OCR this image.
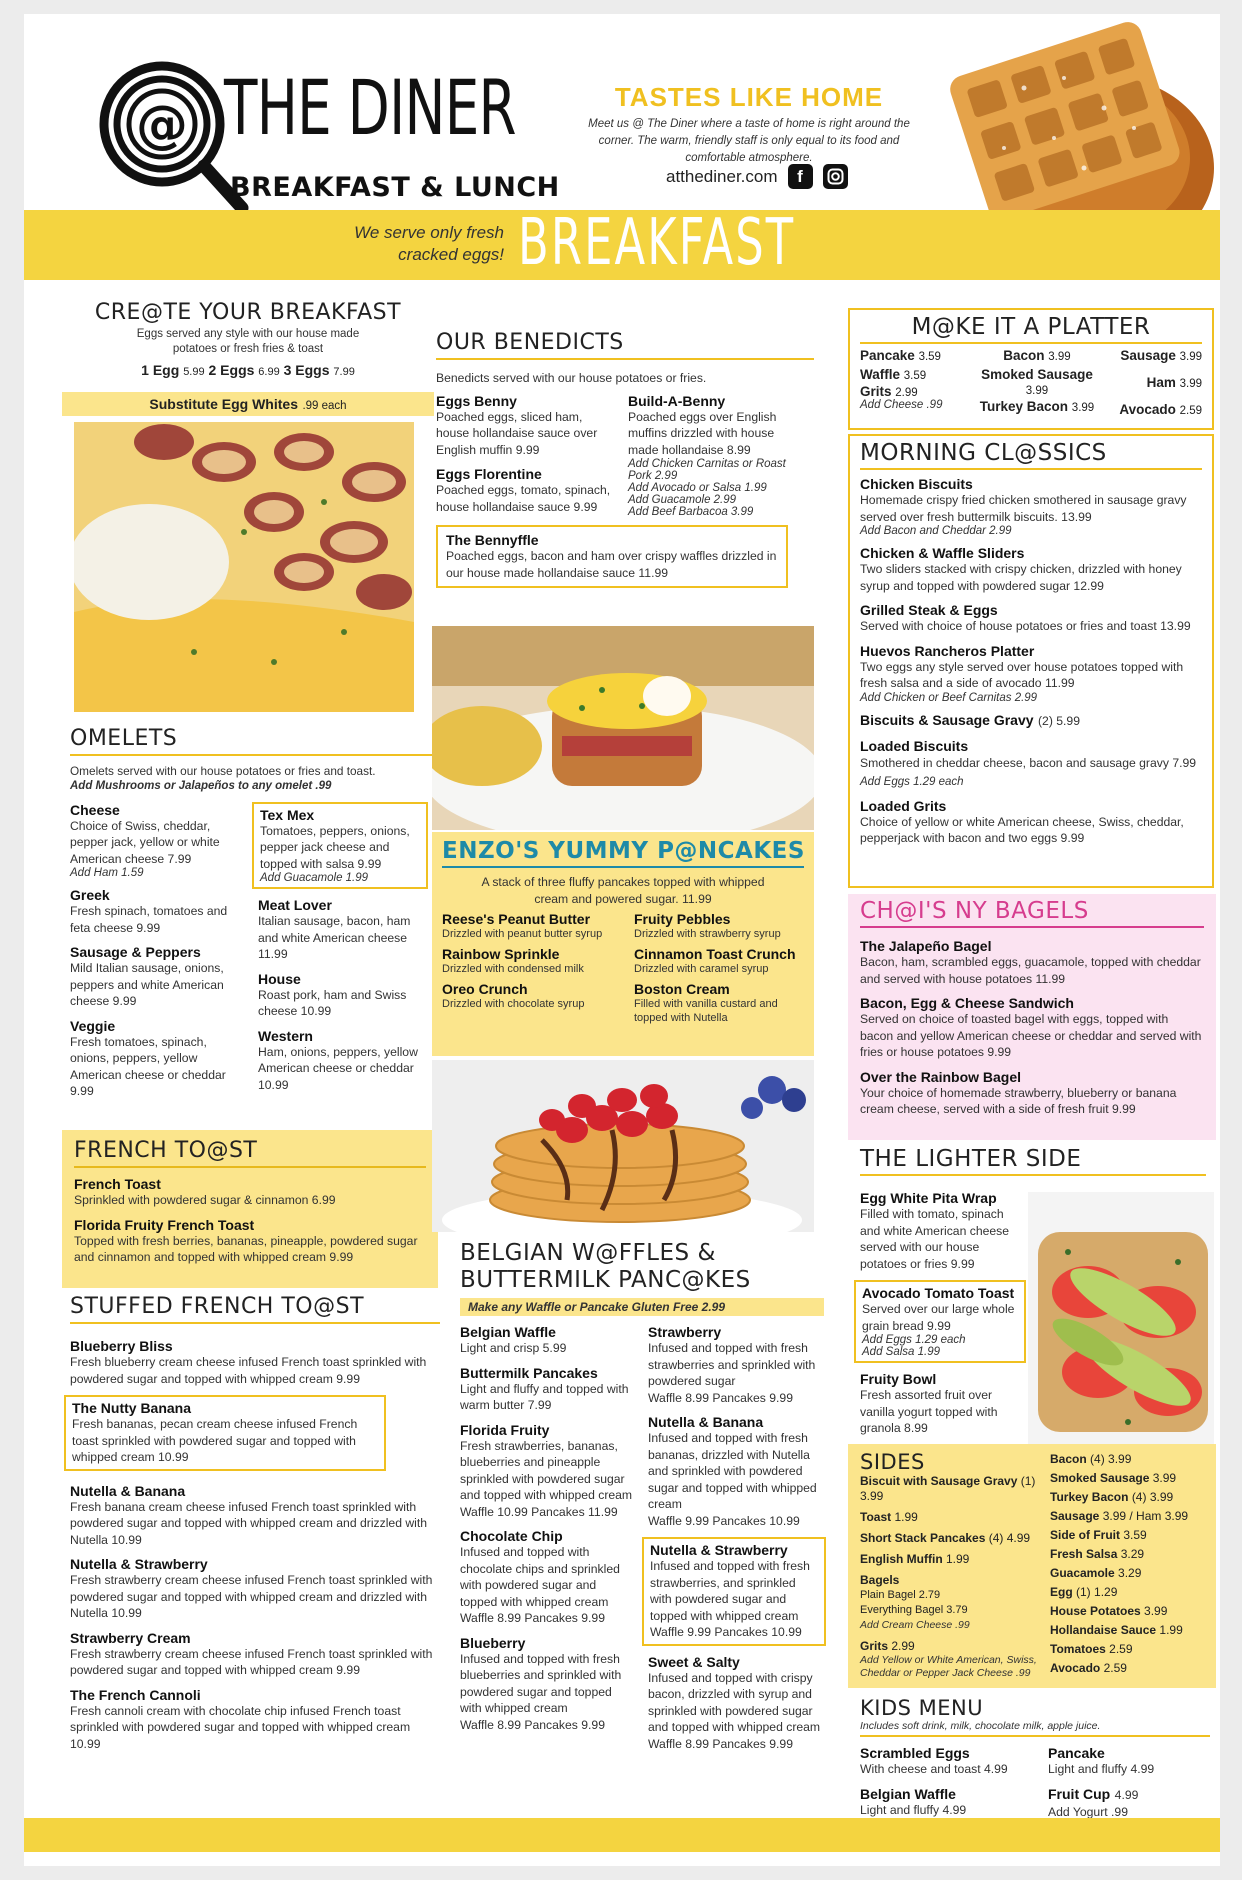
@ THE DINER
BREAKFAST & LUNCH
TASTES LIKE HOME

Meet us @ The Diner where a taste of home is right around the corner. The warm, friendly staff is only equal to its food and comfortable atmosphere.

atthediner.com	f
We serve only fresh cracked eggs! BREAKFAST
CRE@TE YOUR BREAKFAST
Eggs served any style with our house made potatoes or fresh fries & toast
1 Egg 5.99 2 Eggs 6.99 3 Eggs 7.99
Substitute Egg Whites .99 each
OMELETS
Omelets served with our house potatoes or fries and toast.
Add Mushrooms or Jalapeños to any omelet .99
Cheese
Choice of Swiss, cheddar, pepper jack, yellow or white American cheese 7.99
Add Ham 1.59
Greek
Fresh spinach, tomatoes and feta cheese 9.99
Sausage & Peppers
Mild Italian sausage, onions, peppers and white American cheese 9.99
Veggie
Fresh tomatoes, spinach, onions, peppers, yellow American cheese or cheddar 9.99
Tex Mex
Tomatoes, peppers, onions, pepper jack cheese and topped with salsa 9.99
Add Guacamole 1.99
Meat Lover
Italian sausage, bacon, ham and white American cheese 11.99
House
Roast pork, ham and Swiss cheese 10.99
Western
Ham, onions, peppers, yellow American cheese or cheddar 10.99
FRENCH TO@ST
French Toast
Sprinkled with powdered sugar & cinnamon 6.99
Florida Fruity French Toast
Topped with fresh berries, bananas, pineapple, powdered sugar and cinnamon and topped with whipped cream 9.99
STUFFED FRENCH TO@ST
Blueberry Bliss
Fresh blueberry cream cheese infused French toast sprinkled with powdered sugar and topped with whipped cream 9.99
The Nutty Banana
Fresh bananas, pecan cream cheese infused French toast sprinkled with powdered sugar and topped with whipped cream 10.99
Nutella & Banana
Fresh banana cream cheese infused French toast sprinkled with powdered sugar and topped with whipped cream and drizzled with Nutella 10.99
Nutella & Strawberry
Fresh strawberry cream cheese infused French toast sprinkled with powdered sugar and topped with whipped cream and drizzled with Nutella 10.99
Strawberry Cream
Fresh strawberry cream cheese infused French toast sprinkled with powdered sugar and topped with whipped cream 9.99
The French Cannoli
Fresh cannoli cream with chocolate chip infused French toast sprinkled with powdered sugar and topped with whipped cream 10.99
OUR BENEDICTS
Benedicts served with our house potatoes or fries.
Eggs Benny
Poached eggs, sliced ham, house hollandaise sauce over English muffin 9.99
Eggs Florentine
Poached eggs, tomato, spinach, house hollandaise sauce 9.99
Build-A-Benny
Poached eggs over English muffins drizzled with house made hollandaise 8.99
Add Chicken Carnitas or Roast Pork 2.99
Add Avocado or Salsa 1.99
Add Guacamole 2.99
Add Beef Barbacoa 3.99
The Bennyffle
Poached eggs, bacon and ham over crispy waffles drizzled in our house made hollandaise sauce 11.99
ENZO'S YUMMY P@NCAKES
A stack of three fluffy pancakes topped with whipped cream and powered sugar. 11.99
Reese's Peanut Butter
Drizzled with peanut butter syrup
Fruity Pebbles
Drizzled with strawberry syrup
Rainbow Sprinkle
Drizzled with condensed milk
Cinnamon Toast Crunch
Drizzled with caramel syrup
Oreo Crunch
Drizzled with chocolate syrup
Boston Cream
Filled with vanilla custard and topped with Nutella
BELGIAN W@FFLES &
BUTTERMILK PANC@KES
Make any Waffle or Pancake Gluten Free 2.99
Belgian Waffle
Light and crisp 5.99
Buttermilk Pancakes
Light and fluffy and topped with warm butter 7.99
Florida Fruity
Fresh strawberries, bananas, blueberries and pineapple sprinkled with powdered sugar and topped with whipped cream
Waffle 10.99 Pancakes 11.99
Chocolate Chip
Infused and topped with chocolate chips and sprinkled with powdered sugar and topped with whipped cream
Waffle 8.99 Pancakes 9.99
Blueberry
Infused and topped with fresh blueberries and sprinkled with powdered sugar and topped with whipped cream
Waffle 8.99 Pancakes 9.99
Strawberry
Infused and topped with fresh strawberries and sprinkled with powdered sugar
Waffle 8.99 Pancakes 9.99
Nutella & Banana
Infused and topped with fresh bananas, drizzled with Nutella and sprinkled with powdered sugar and topped with whipped cream
Waffle 9.99 Pancakes 10.99
Nutella & Strawberry
Infused and topped with fresh strawberries, and sprinkled with powdered sugar and topped with whipped cream
Waffle 9.99 Pancakes 10.99
Sweet & Salty
Infused and topped with crispy bacon, drizzled with syrup and sprinkled with powdered sugar and topped with whipped cream
Waffle 8.99 Pancakes 9.99
M@KE IT A PLATTER
Pancake 3.59
Waffle 3.59
Grits 2.99
Add Cheese .99
Bacon 3.99
Smoked Sausage
3.99
Turkey Bacon 3.99
Sausage 3.99
Ham 3.99
Avocado 2.59
MORNING CL@SSICS
Chicken Biscuits
Homemade crispy fried chicken smothered in sausage gravy served over fresh buttermilk biscuits. 13.99
Add Bacon and Cheddar 2.99
Chicken & Waffle Sliders
Two sliders stacked with crispy chicken, drizzled with honey syrup and topped with powdered sugar 12.99
Grilled Steak & Eggs
Served with choice of house potatoes or fries and toast 13.99
Huevos Rancheros Platter
Two eggs any style served over house potatoes topped with fresh salsa and a side of avocado 11.99
Add Chicken or Beef Carnitas 2.99
Biscuits & Sausage Gravy (2) 5.99
Loaded Biscuits
Smothered in cheddar cheese, bacon and sausage gravy 7.99 Add Eggs 1.29 each
Loaded Grits
Choice of yellow or white American cheese, Swiss, cheddar, pepperjack with bacon and two eggs 9.99
CH@I'S NY BAGELS
The Jalapeño Bagel
Bacon, ham, scrambled eggs, guacamole, topped with cheddar and served with house potatoes 11.99
Bacon, Egg & Cheese Sandwich
Served on choice of toasted bagel with eggs, topped with bacon and yellow American cheese or cheddar and served with fries or house potatoes 9.99
Over the Rainbow Bagel
Your choice of homemade strawberry, blueberry or banana cream cheese, served with a side of fresh fruit 9.99
THE LIGHTER SIDE
Egg White Pita Wrap
Filled with tomato, spinach and white American cheese served with our house potatoes or fries 9.99
Avocado Tomato Toast
Served over our large whole grain bread 9.99
Add Eggs 1.29 each
Add Salsa 1.99
Fruity Bowl
Fresh assorted fruit over vanilla yogurt topped with granola 8.99
SIDES
Biscuit with Sausage Gravy (1) 3.99
Toast 1.99
Short Stack Pancakes (4) 4.99
English Muffin 1.99
Bagels
Plain Bagel 2.79
Everything Bagel 3.79
Add Cream Cheese .99
Grits 2.99
Add Yellow or White American, Swiss, Cheddar or Pepper Jack Cheese .99
Bacon (4) 3.99
Smoked Sausage 3.99
Turkey Bacon (4) 3.99
Sausage 3.99 / Ham 3.99
Side of Fruit 3.59
Fresh Salsa 3.29
Guacamole 3.29
Egg (1) 1.29
House Potatoes 3.99
Hollandaise Sauce 1.99
Tomatoes 2.59
Avocado 2.59
KIDS MENU
Includes soft drink, milk, chocolate milk, apple juice.
Scrambled Eggs
With cheese and toast 4.99
Pancake
Light and fluffy 4.99
Belgian Waffle
Light and fluffy 4.99
Fruit Cup 4.99
Add Yogurt .99
